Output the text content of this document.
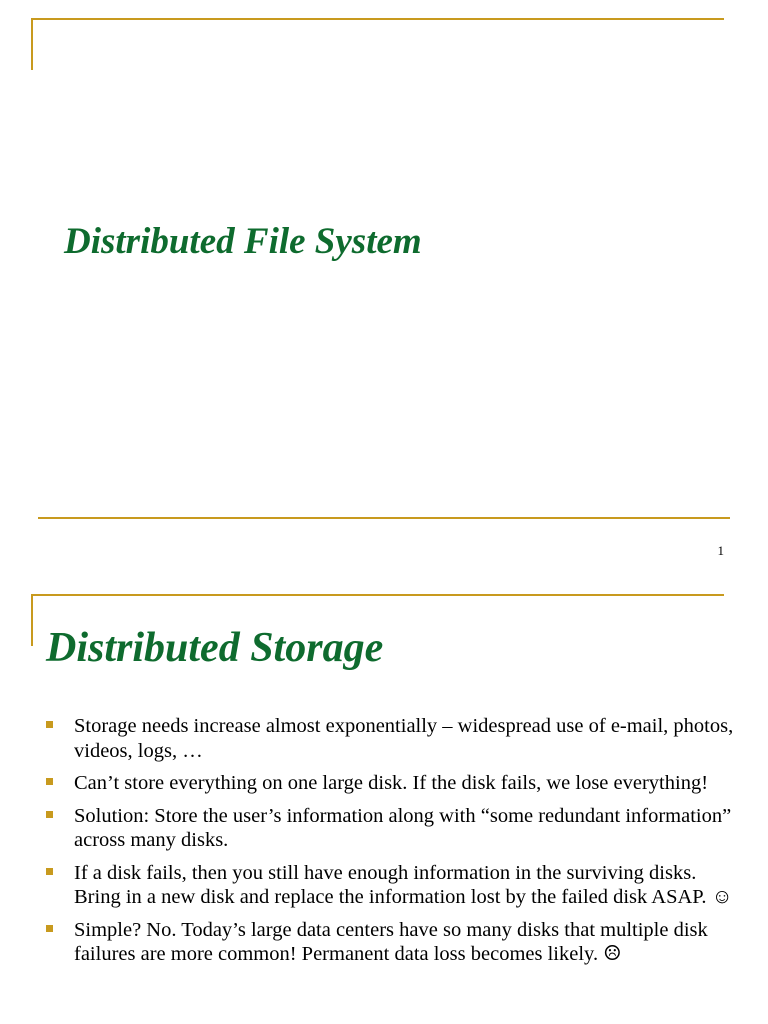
Distributed File System
1
Distributed Storage
Storage needs increase almost exponentially – widespread use of e-mail, photos, videos, logs, …
Can’t store everything on one large disk. If the disk fails, we lose everything!
Solution: Store the user’s information along with “some redundant information” across many disks.
If a disk fails, then you still have enough information in the surviving disks. Bring in a new disk and replace the information lost by the failed disk ASAP. ☺
Simple? No. Today’s large data centers have so many disks that multiple disk failures are more common! Permanent data loss becomes likely. ☹
